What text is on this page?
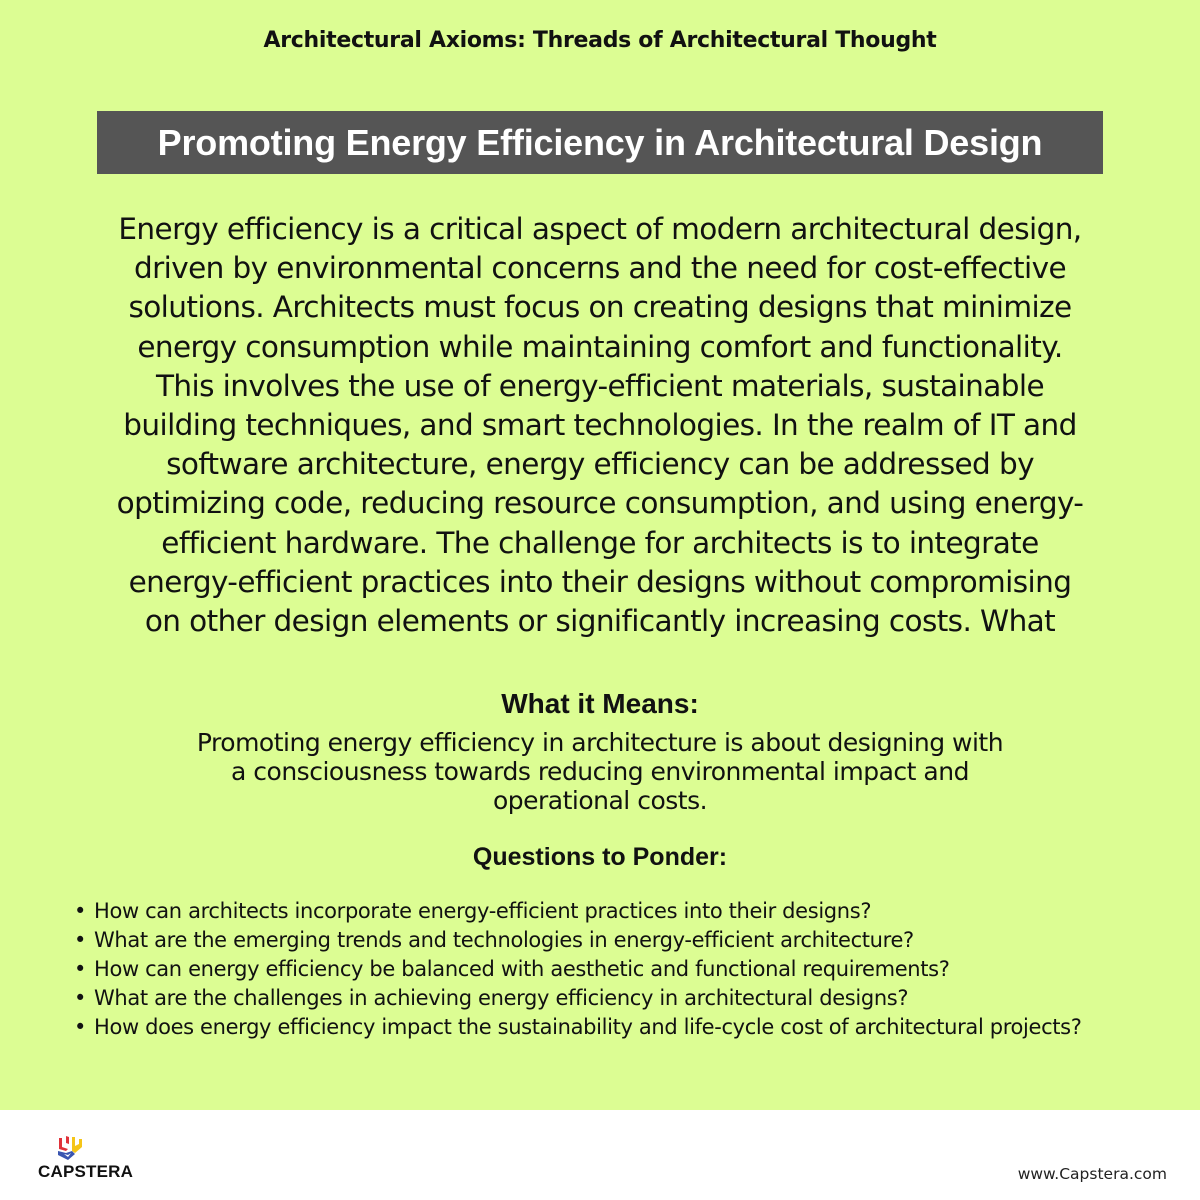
Architectural Axioms: Threads of Architectural Thought
Promoting Energy Efficiency in Architectural Design
Energy efficiency is a critical aspect of modern architectural design,
driven by environmental concerns and the need for cost-effective
solutions. Architects must focus on creating designs that minimize
energy consumption while maintaining comfort and functionality.
This involves the use of energy-efficient materials, sustainable
building techniques, and smart technologies. In the realm of IT and
software architecture, energy efficiency can be addressed by
optimizing code, reducing resource consumption, and using energy-
efficient hardware. The challenge for architects is to integrate
energy-efficient practices into their designs without compromising
on other design elements or significantly increasing costs. What
What it Means:
Promoting energy efficiency in architecture is about designing with
a consciousness towards reducing environmental impact and
operational costs.
Questions to Ponder:
• How can architects incorporate energy-efficient practices into their designs?
• What are the emerging trends and technologies in energy-efficient architecture?
• How can energy efficiency be balanced with aesthetic and functional requirements?
• What are the challenges in achieving energy efficiency in architectural designs?
• How does energy efficiency impact the sustainability and life-cycle cost of architectural projects?
CAPSTERA	www.Capstera.com
